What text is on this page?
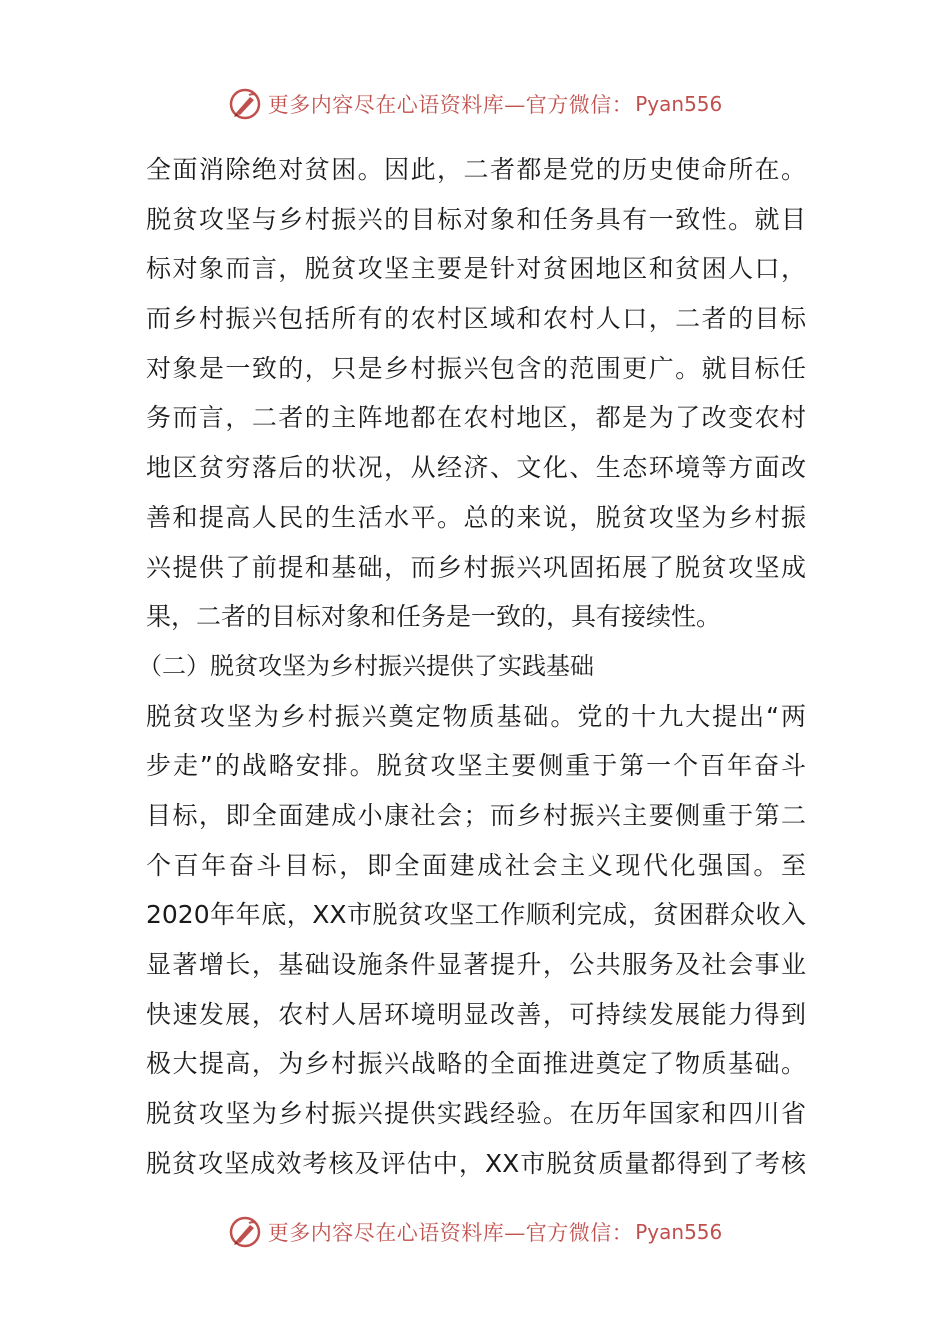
更多内容尽在心语资料库—官方微信： Pyan556
全面消除绝对贫困。因此，二者都是党的历史使命所在。
脱贫攻坚与乡村振兴的目标对象和任务具有一致性。就目
标对象而言，脱贫攻坚主要是针对贫困地区和贫困人口，
而乡村振兴包括所有的农村区域和农村人口，二者的目标
对象是一致的，只是乡村振兴包含的范围更广。就目标任
务而言，二者的主阵地都在农村地区，都是为了改变农村
地区贫穷落后的状况，从经济、文化、生态环境等方面改
善和提高人民的生活水平。总的来说，脱贫攻坚为乡村振
兴提供了前提和基础，而乡村振兴巩固拓展了脱贫攻坚成
果，二者的目标对象和任务是一致的，具有接续性。
（二）脱贫攻坚为乡村振兴提供了实践基础
脱贫攻坚为乡村振兴奠定物质基础。党的十九大提出“两
步走”的战略安排。脱贫攻坚主要侧重于第一个百年奋斗
目标，即全面建成小康社会；而乡村振兴主要侧重于第二
个百年奋斗目标，即全面建成社会主义现代化强国。至
2020年年底，XX市脱贫攻坚工作顺利完成，贫困群众收入
显著增长，基础设施条件显著提升，公共服务及社会事业
快速发展，农村人居环境明显改善，可持续发展能力得到
极大提高，为乡村振兴战略的全面推进奠定了物质基础。
脱贫攻坚为乡村振兴提供实践经验。在历年国家和四川省
脱贫攻坚成效考核及评估中，XX市脱贫质量都得到了考核
更多内容尽在心语资料库—官方微信： Pyan556
